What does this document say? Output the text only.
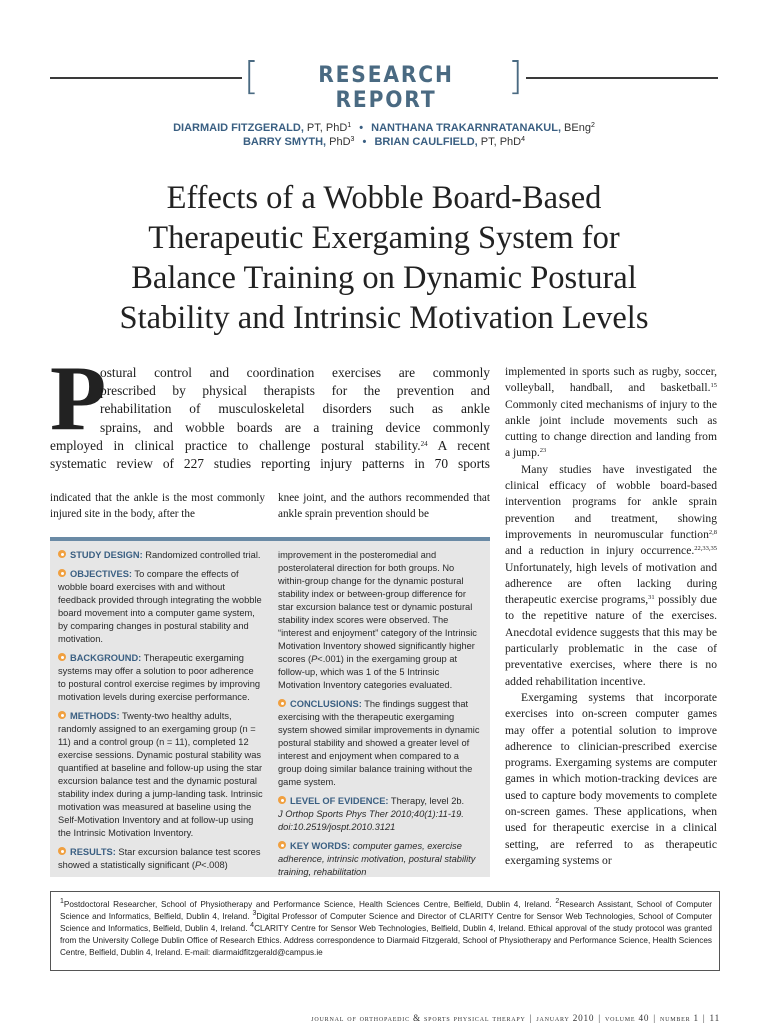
[	RESEARCH REPORT
]
DIARMAID FITZGERALD, PT, PhD$^1$ • NANTHANA TRAKARNRATANAKUL, BEng$^2$
BARRY SMYTH, PhD$^3$ • BRIAN CAULFIELD, PT, PhD$^4$
Effects of a Wobble Board-Based
Therapeutic Exergaming System for
Balance Training on Dynamic Postural
Stability and Intrinsic Motivation Levels
P
ostural control and coordination exercises are commonly
prescribed by physical therapists for the prevention and
rehabilitation of musculoskeletal disorders such as ankle
sprains, and wobble boards are a training device commonly
employed in clinical practice to challenge postural stability.$^{24}$ A recent
systematic review of 227 studies reporting injury patterns in 70 sports
indicated that the ankle is the most commonly injured site in the body, after the
knee joint, and the authors recommended that ankle sprain prevention should be

STUDY DESIGN: Randomized controlled trial.

OBJECTIVES: To compare the effects of wobble board exercises with and without feedback provided through integrating the wobble board movement into a computer game system, by comparing changes in postural stability and motivation.

BACKGROUND: Therapeutic exergaming systems may offer a solution to poor adherence to postural control exercise regimes by improving motivation levels during exercise performance.

METHODS: Twenty-two healthy adults, randomly assigned to an exergaming group (n = 11) and a control group (n = 11), completed 12 exercise sessions. Dynamic postural stability was quantified at baseline and follow-up using the star excursion balance test and the dynamic postural stability index during a jump-landing task. Intrinsic motivation was measured at baseline using the Self-Motivation Inventory and at follow-up using the Intrinsic Motivation Inventory.

RESULTS: Star excursion balance test scores showed a statistically significant (P<.008)

improvement in the posteromedial and posterolateral direction for both groups. No within-group change for the dynamic postural stability index or between-group difference for star excursion balance test or dynamic postural stability index scores were observed. The “interest and enjoyment” category of the Intrinsic Motivation Inventory showed significantly higher scores (P<.001) in the exergaming group at follow-up, which was 1 of the 5 Intrinsic Motivation Inventory categories evaluated.

CONCLUSIONS: The findings suggest that exercising with the therapeutic exergaming system showed similar improvements in dynamic postural stability and showed a greater level of interest and enjoyment when compared to a group doing similar balance training without the game system.

LEVEL OF EVIDENCE: Therapy, level 2b.
J Orthop Sports Phys Ther 2010;40(1):11-19. doi:10.2519/jospt.2010.3121

KEY WORDS: computer games, exercise adherence, intrinsic motivation, postural stability training, rehabilitation

implemented in sports such as rugby, soccer, volleyball, handball, and basketball.$^{15}$ Commonly cited mechanisms of injury to the ankle joint include movements such as cutting to change direction and landing from a jump.$^{23}$

Many studies have investigated the clinical efficacy of wobble board-based intervention programs for ankle sprain prevention and treatment, showing improvements in neuromuscular function$^{2,8}$ and a reduction in injury occurrence.$^{22,33,35}$ Unfortunately, high levels of motivation and adherence are often lacking during therapeutic exercise programs,$^{31}$ possibly due to the repetitive nature of the exercises. Anecdotal evidence suggests that this may be particularly problematic in the case of preventative exercises, where there is no added rehabilitation incentive.

Exergaming systems that incorporate exercises into on-screen computer games may offer a potential solution to improve adherence to clinician-prescribed exercise programs. Exergaming systems are computer games in which motion-tracking devices are used to capture body movements to complete on-screen games. These applications, when used for therapeutic exercise in a clinical setting, are referred to as therapeutic exergaming systems or

$^1$Postdoctoral Researcher, School of Physiotherapy and Performance Science, Health Sciences Centre, Belfield, Dublin 4, Ireland. $^2$Research Assistant, School of Computer Science and Informatics, Belfield, Dublin 4, Ireland. $^3$Digital Professor of Computer Science and Director of CLARITY Centre for Sensor Web Technologies, School of Computer Science and Informatics, Belfield, Dublin 4, Ireland. $^4$CLARITY Centre for Sensor Web Technologies, Belfield, Dublin 4, Ireland. Ethical approval of the study protocol was granted from the University College Dublin Office of Research Ethics. Address correspondence to Diarmaid Fitzgerald, School of Physiotherapy and Performance Science, Health Sciences Centre, Belfield, Dublin 4, Ireland. E-mail: diarmaidfitzgerald@campus.ie
journal of orthopaedic & sports physical therapy | january 2010 | volume 40 | number 1 | 11
